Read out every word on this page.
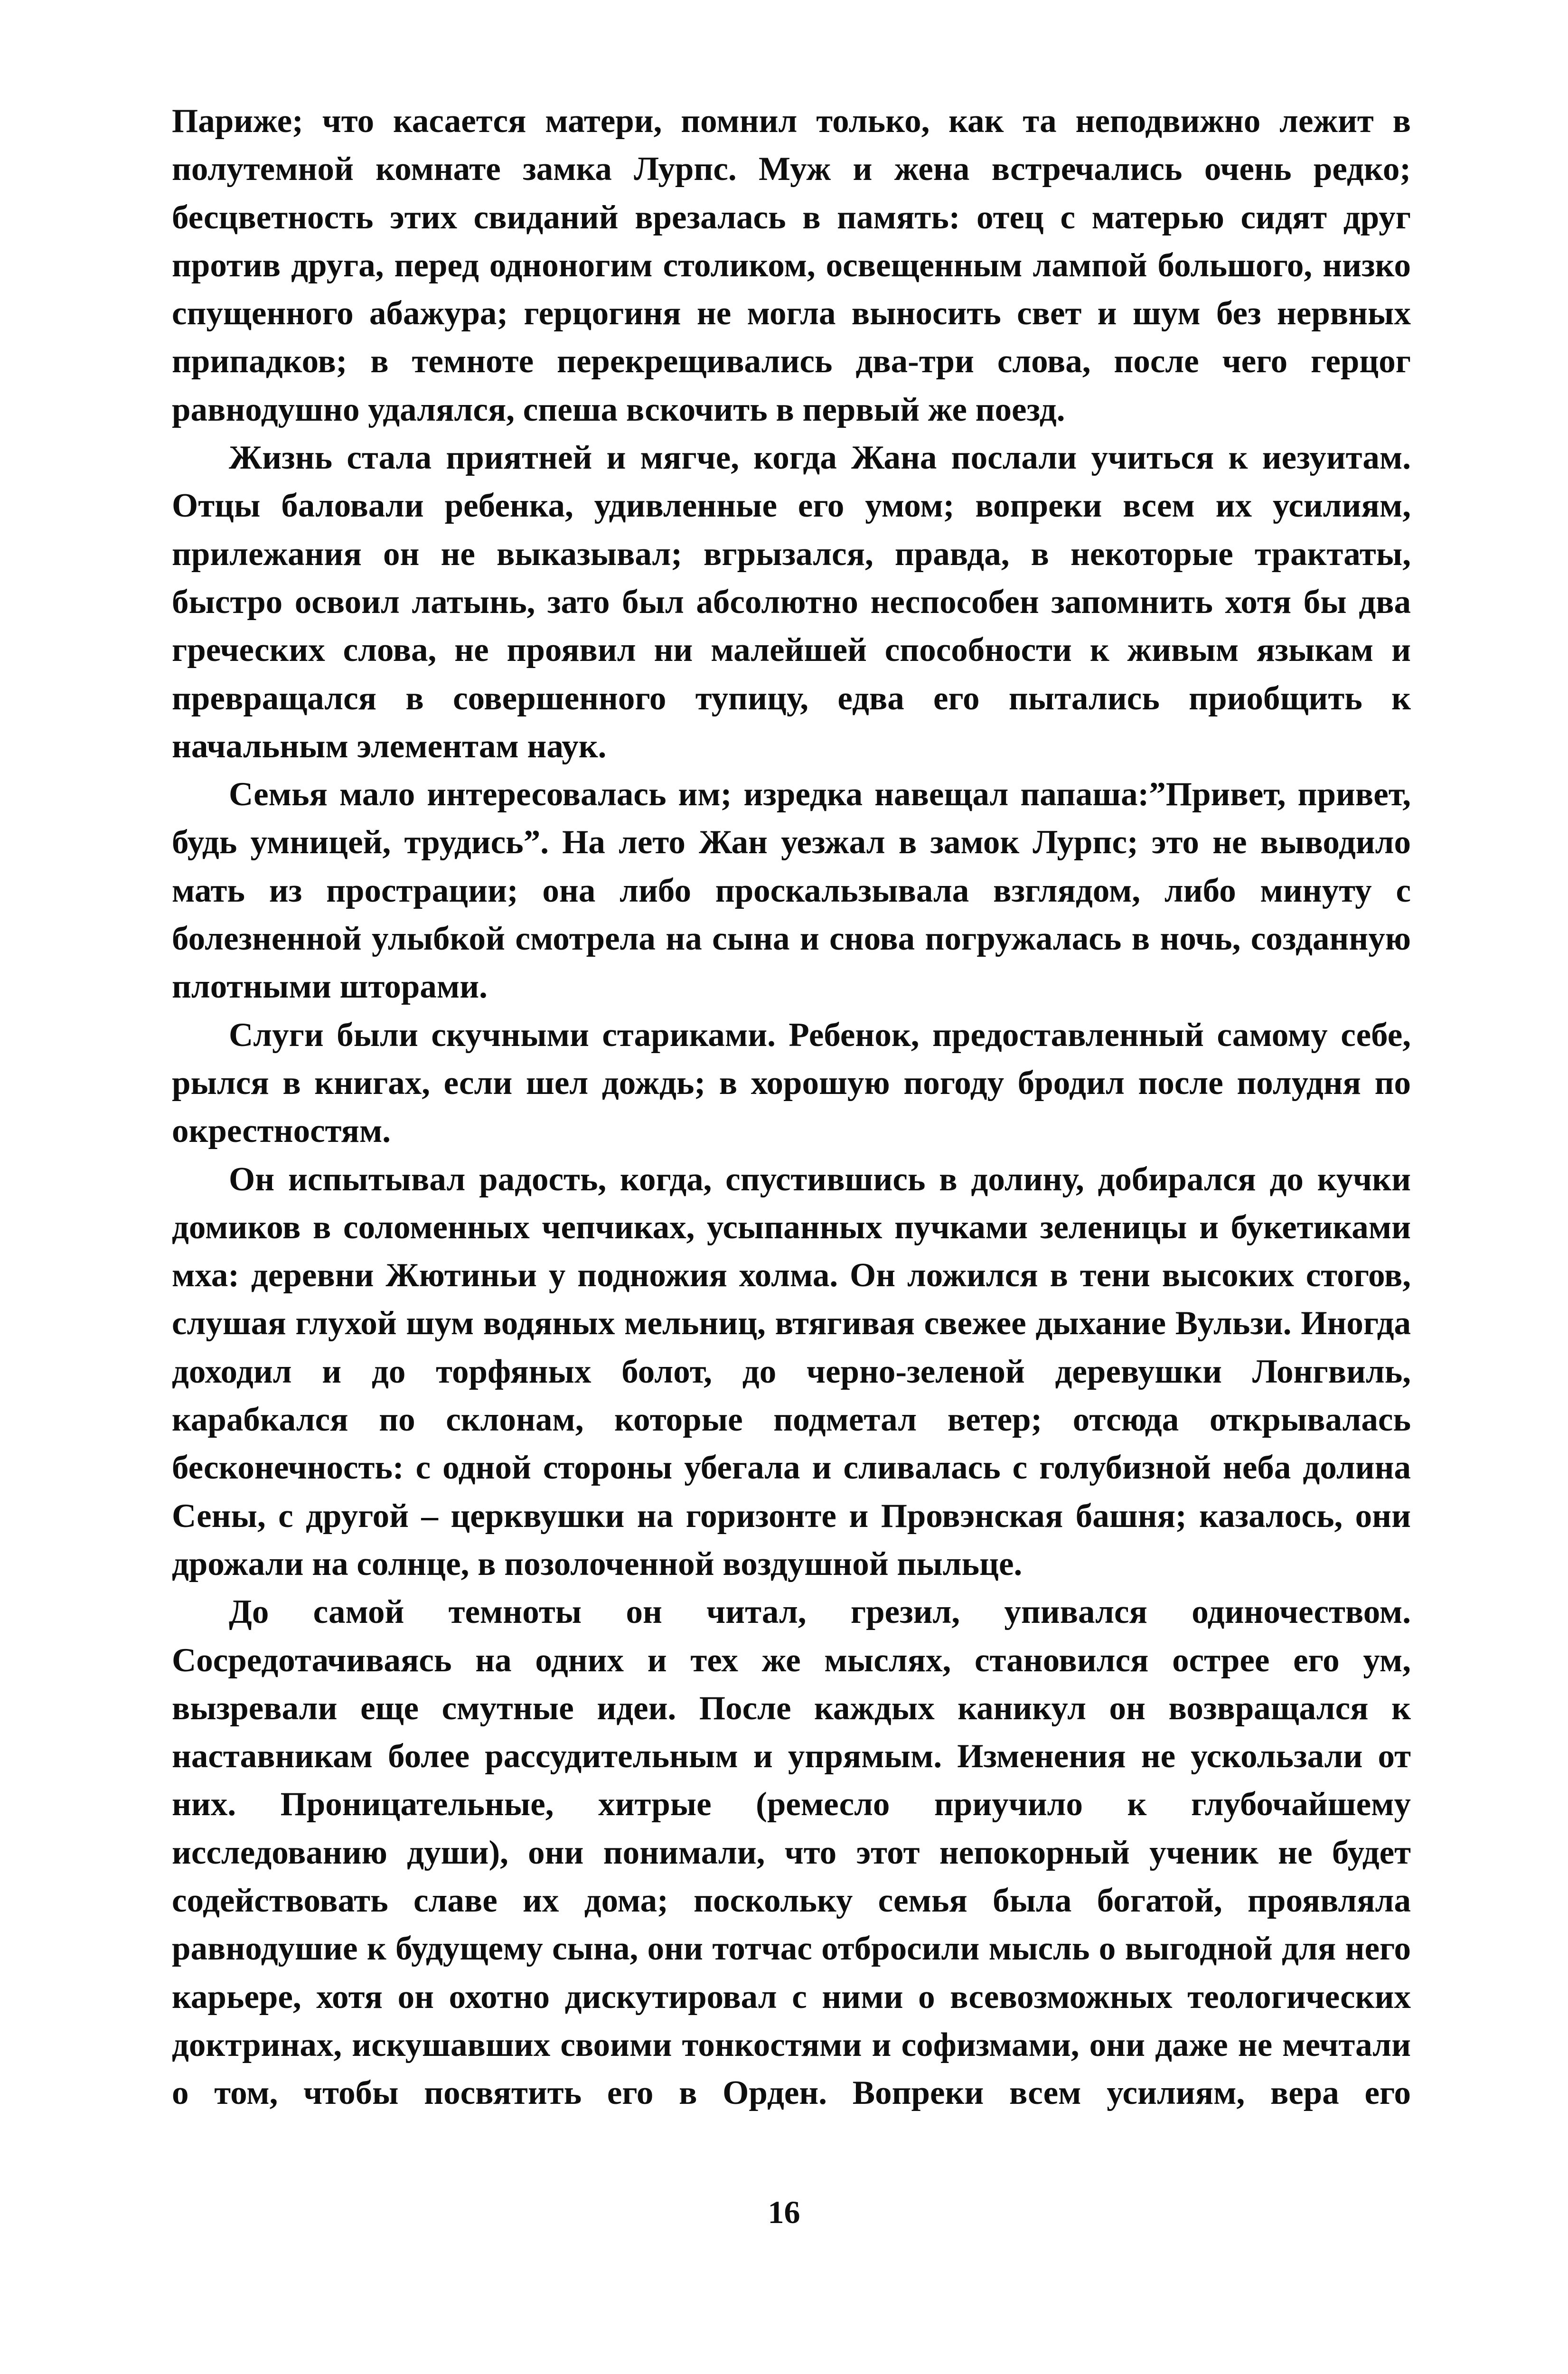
Париже; что касается матери, помнил только, как та неподвижно лежит в полутемной комнате замка Лурпс. Муж и жена встречались очень редко; бесцветность этих свиданий врезалась в память: отец с матерью сидят друг против друга, перед одноногим столиком, освещенным лампой большого, низко спущенного абажура; герцогиня не могла выносить свет и шум без нервных припадков; в темноте перекрещивались два-три слова, после чего герцог равнодушно удалялся, спеша вскочить в первый же поезд.

Жизнь стала приятней и мягче, когда Жана послали учиться к иезуитам. Отцы баловали ребенка, удивленные его умом; вопреки всем их усилиям, прилежания он не выказывал; вгрызался, правда, в некоторые трактаты, быстро освоил латынь, зато был абсолютно неспособен запомнить хотя бы два греческих слова, не проявил ни малейшей способности к живым языкам и превращался в совершенного тупицу, едва его пытались приобщить к начальным элементам наук.

Семья мало интересовалась им; изредка навещал папаша:”Привет, привет, будь умницей, трудись”. На лето Жан уезжал в замок Лурпс; это не выводило мать из прострации; она либо проскальзывала взглядом, либо минуту с болезненной улыбкой смотрела на сына и снова погружалась в ночь, созданную плотными шторами.

Слуги были скучными стариками. Ребенок, предоставленный самому себе, рылся в книгах, если шел дождь; в хорошую погоду бродил после полудня по окрестностям.

Он испытывал радость, когда, спустившись в долину, добирался до кучки домиков в соломенных чепчиках, усыпанных пучками зеленицы и букетиками мха: деревни Жютиньи у подножия холма. Он ложился в тени высоких стогов, слушая глухой шум водяных мельниц, втягивая свежее дыхание Вульзи. Иногда доходил и до торфяных болот, до черно-зеленой деревушки Лонгвиль, карабкался по склонам, которые подметал ветер; отсюда открывалась бесконечность: с одной стороны убегала и сливалась с голубизной неба долина Сены, с другой – церквушки на горизонте и Провэнская башня; казалось, они дрожали на солнце, в позолоченной воздушной пыльце.

До самой темноты он читал, грезил, упивался одиночеством. Сосредотачиваясь на одних и тех же мыслях, становился острее его ум, вызревали еще смутные идеи. После каждых каникул он возвращался к наставникам более рассудительным и упрямым. Изменения не ускользали от них. Проницательные, хитрые (ремесло приучило к глубочайшему исследованию души), они понимали, что этот непокорный ученик не будет содействовать славе их дома; поскольку семья была богатой, проявляла равнодушие к будущему сына, они тотчас отбросили мысль о выгодной для него карьере, хотя он охотно дискутировал с ними о всевозможных теологических доктринах, искушавших своими тонкостями и софизмами, они даже не мечтали о том, чтобы посвятить его в Орден. Вопреки всем усилиям, вера его

16
